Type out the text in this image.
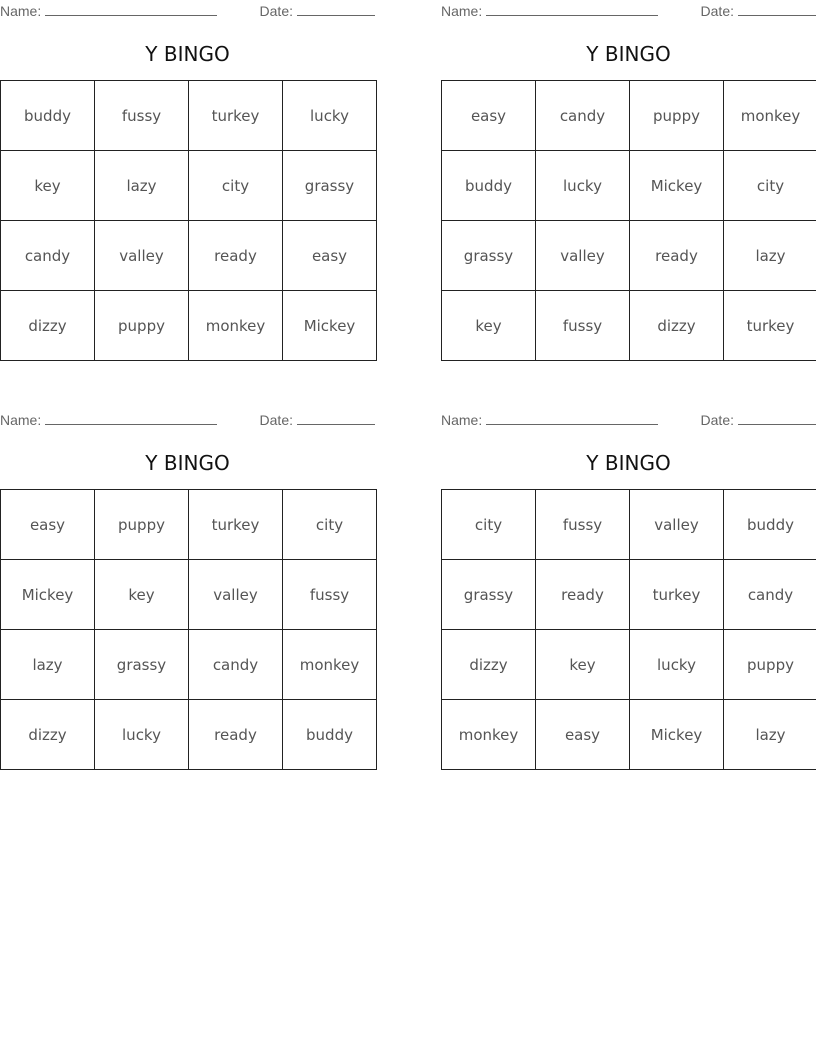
Name:	Date:
Y BINGO
buddy	fussy	turkey	lucky
key	lazy	city	grassy
candy	valley	ready	easy
dizzy	puppy	monkey	Mickey
Name:	Date:
Y BINGO
easy	candy	puppy	monkey
buddy	lucky	Mickey	city
grassy	valley	ready	lazy
key	fussy	dizzy	turkey
Name:	Date:
Y BINGO
easy	puppy	turkey	city
Mickey	key	valley	fussy
lazy	grassy	candy	monkey
dizzy	lucky	ready	buddy
Name:	Date:
Y BINGO
city	fussy	valley	buddy
grassy	ready	turkey	candy
dizzy	key	lucky	puppy
monkey	easy	Mickey	lazy
